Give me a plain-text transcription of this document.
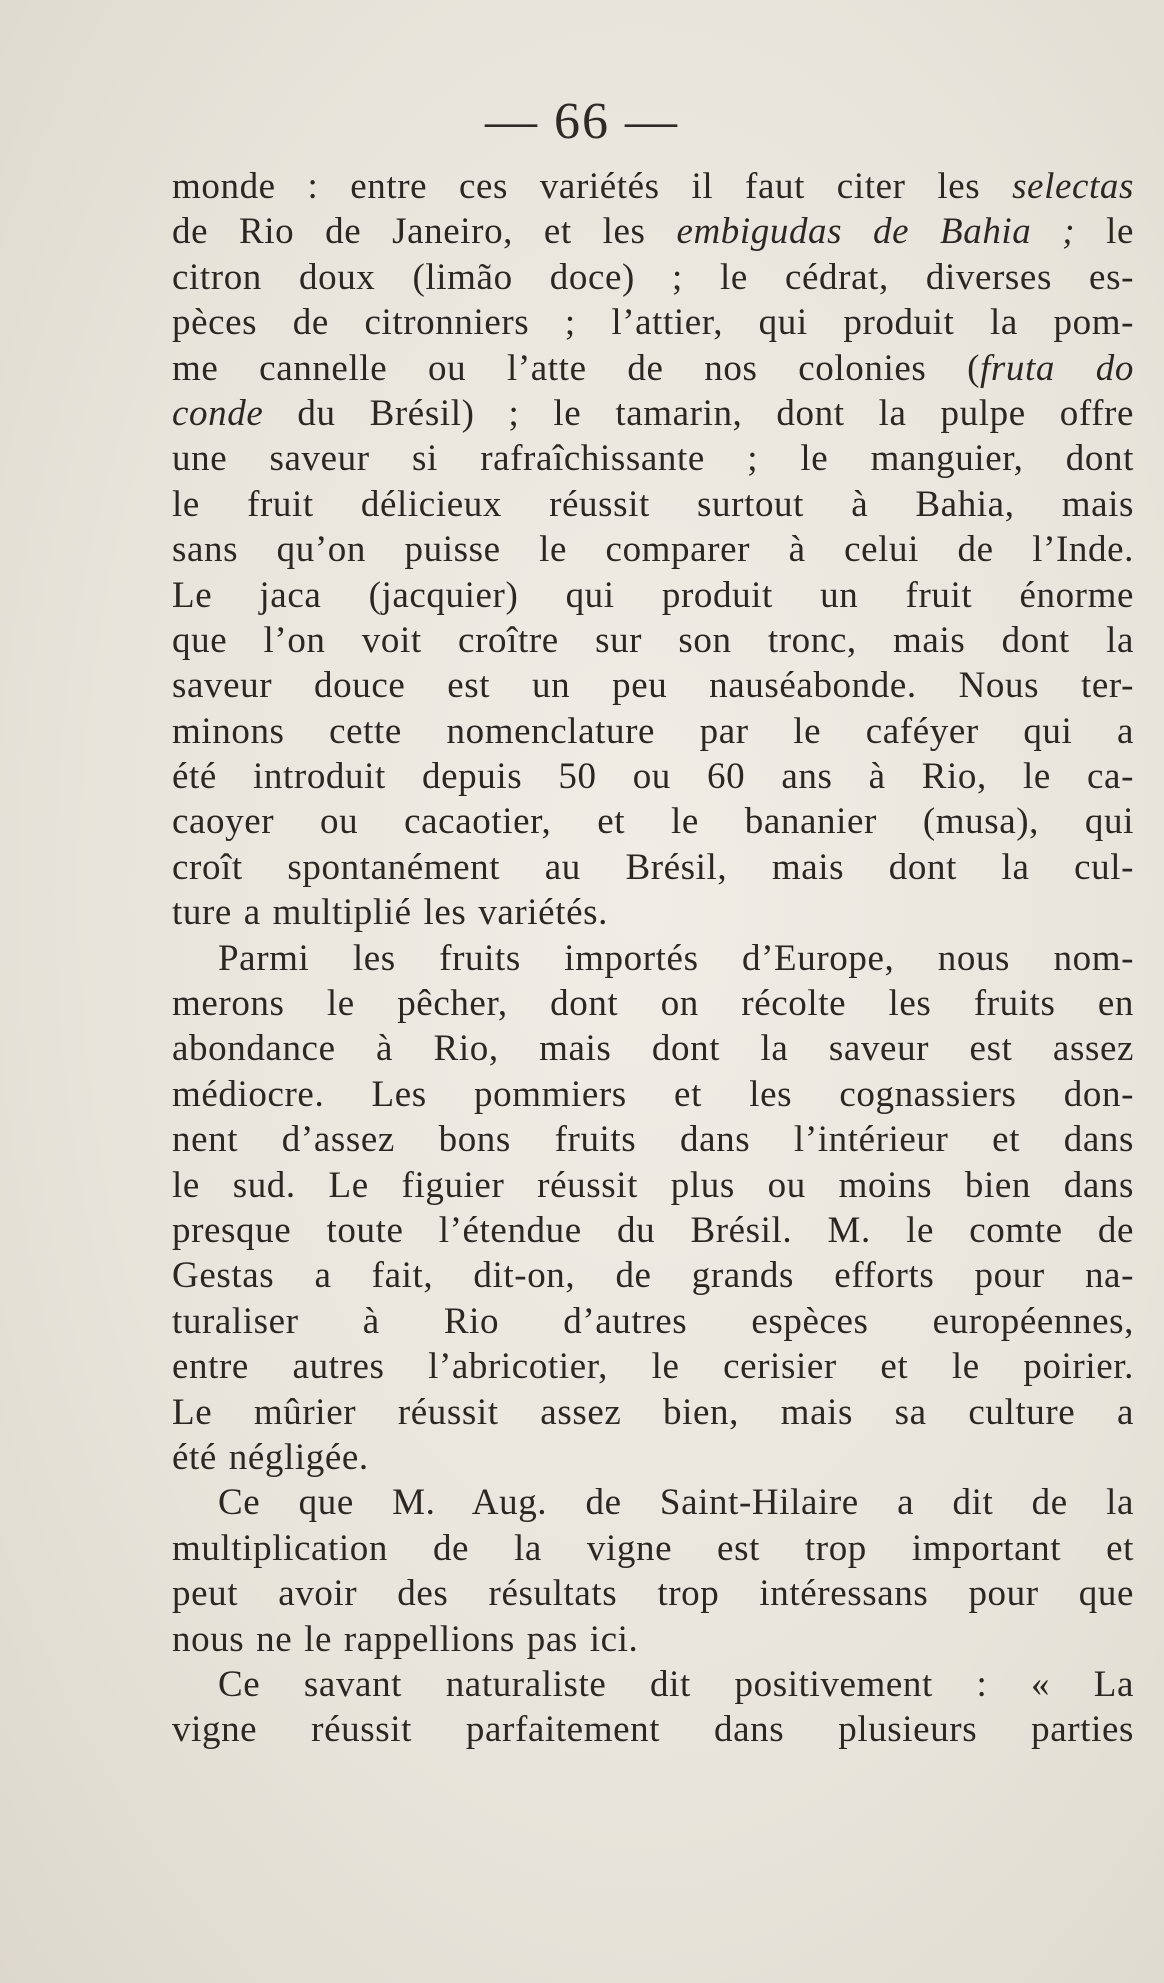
— 66 —
monde : entre ces variétés il faut citer les selectas
de Rio de Janeiro, et les embigudas de Bahia ; le
citron doux (limão doce) ; le cédrat, diverses es-
pèces de citronniers ; l’attier, qui produit la pom-
me cannelle ou l’atte de nos colonies (fruta do
conde du Brésil) ; le tamarin, dont la pulpe offre
une saveur si rafraîchissante ; le manguier, dont
le fruit délicieux réussit surtout à Bahia, mais
sans qu’on puisse le comparer à celui de l’Inde.
Le jaca (jacquier) qui produit un fruit énorme
que l’on voit croître sur son tronc, mais dont la
saveur douce est un peu nauséabonde. Nous ter-
minons cette nomenclature par le caféyer qui a
été introduit depuis 50 ou 60 ans à Rio, le ca-
caoyer ou cacaotier, et le bananier (musa), qui
croît spontanément au Brésil, mais dont la cul-
ture a multiplié les variétés.
Parmi les fruits importés d’Europe, nous nom-
merons le pêcher, dont on récolte les fruits en
abondance à Rio, mais dont la saveur est assez
médiocre. Les pommiers et les cognassiers don-
nent d’assez bons fruits dans l’intérieur et dans
le sud. Le figuier réussit plus ou moins bien dans
presque toute l’étendue du Brésil. M. le comte de
Gestas a fait, dit-on, de grands efforts pour na-
turaliser à Rio d’autres espèces européennes,
entre autres l’abricotier, le cerisier et le poirier.
Le mûrier réussit assez bien, mais sa culture a
été négligée.
Ce que M. Aug. de Saint-Hilaire a dit de la
multiplication de la vigne est trop important et
peut avoir des résultats trop intéressans pour que
nous ne le rappellions pas ici.
Ce savant naturaliste dit positivement : « La
vigne réussit parfaitement dans plusieurs parties
